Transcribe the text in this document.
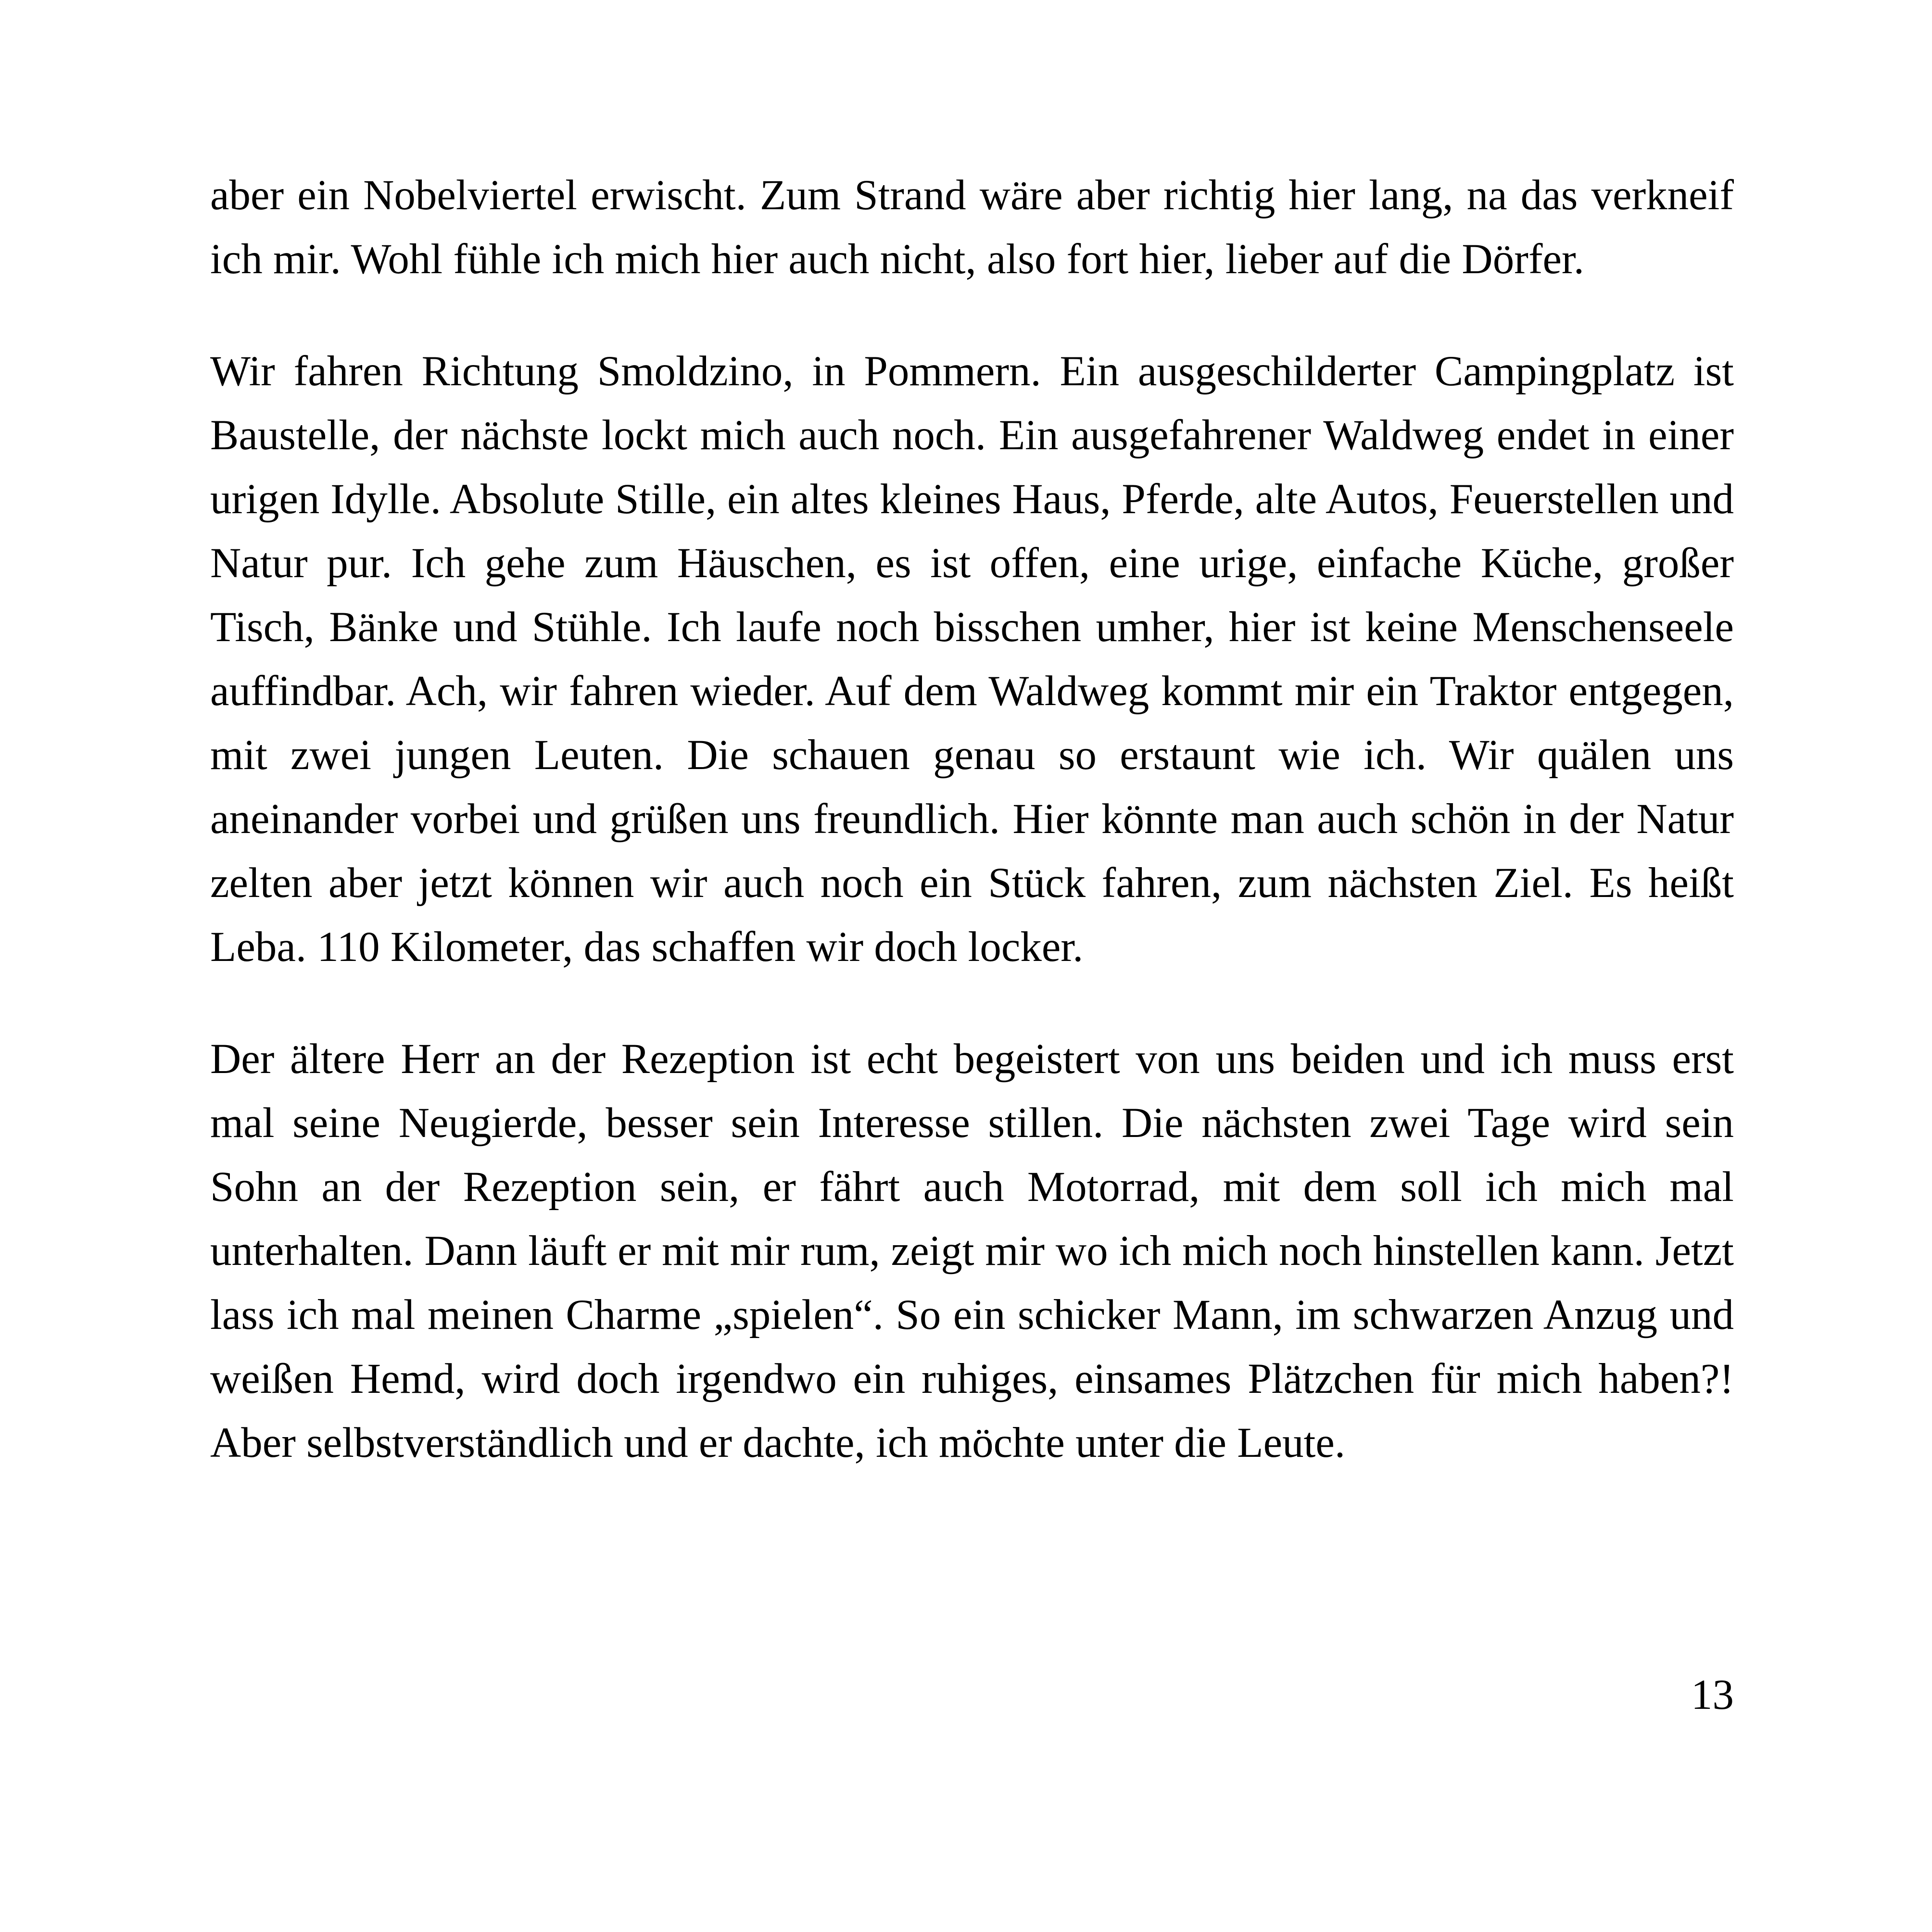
aber ein Nobelviertel erwischt. Zum Strand wäre aber richtig hier lang, na das verkneif ich mir. Wohl fühle ich mich hier auch nicht, also fort hier, lieber auf die Dörfer.

Wir fahren Richtung Smoldzino, in Pommern. Ein ausgeschilderter Campingplatz ist Baustelle, der nächste lockt mich auch noch. Ein ausgefahrener Waldweg endet in einer urigen Idylle. Absolute Stille, ein altes kleines Haus, Pferde, alte Autos, Feuerstellen und Natur pur. Ich gehe zum Häuschen, es ist offen, eine urige, einfache Küche, großer Tisch, Bänke und Stühle. Ich laufe noch bisschen umher, hier ist keine Menschenseele auffindbar. Ach, wir fahren wieder. Auf dem Waldweg kommt mir ein Traktor entgegen, mit zwei jungen Leuten. Die schauen genau so erstaunt wie ich. Wir quälen uns aneinander vorbei und grüßen uns freundlich. Hier könnte man auch schön in der Natur zelten aber jetzt können wir auch noch ein Stück fahren, zum nächsten Ziel. Es heißt Leba. 110 Kilometer, das schaffen wir doch locker.

Der ältere Herr an der Rezeption ist echt begeistert von uns beiden und ich muss erst mal seine Neugierde, besser sein Interesse stillen. Die nächsten zwei Tage wird sein Sohn an der Rezeption sein, er fährt auch Motorrad, mit dem soll ich mich mal unterhalten. Dann läuft er mit mir rum, zeigt mir wo ich mich noch hinstellen kann. Jetzt lass ich mal meinen Charme „spielen“. So ein schicker Mann, im schwarzen Anzug und weißen Hemd, wird doch irgendwo ein ruhiges, einsames Plätzchen für mich haben?! Aber selbstverständlich und er dachte, ich möchte unter die Leute.

13
